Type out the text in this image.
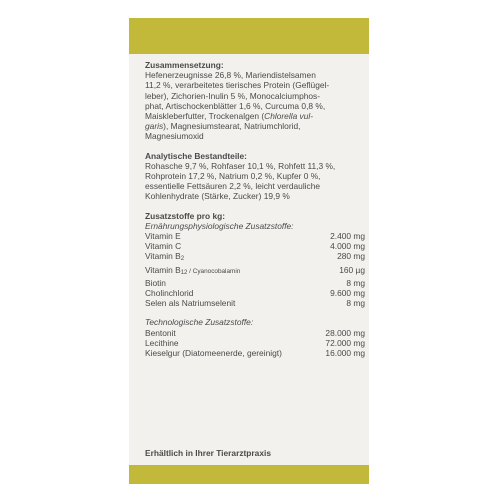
Zusammensetzung:
Hefenerzeugnisse 26,8 %, Mariendistelsamen
11,2 %, verarbeitetes tierisches Protein (Geflügel-
leber), Zichorien-Inulin 5 %, Monocalciumphos-
phat, Artischockenblätter 1,6 %, Curcuma 0,8 %,
Maiskleberfutter, Trockenalgen (Chlorella vul-
garis), Magnesiumstearat, Natriumchlorid,
Magnesiumoxid
Analytische Bestandteile:
Rohasche 9,7 %, Rohfaser 10,1 %, Rohfett 11,3 %,
Rohprotein 17,2 %, Natrium 0,2 %, Kupfer 0 %,
essentielle Fettsäuren 2,2 %, leicht verdauliche
Kohlenhydrate (Stärke, Zucker) 19,9 %
Zusatzstoffe pro kg:
Ernährungsphysiologische Zusatzstoffe:
Vitamin E	2.400 mg
Vitamin C	4.000 mg
Vitamin B2	280 mg
Vitamin B12 / Cyanocobalamin	160 µg
Biotin	8 mg
Cholinchlorid	9.600 mg
Selen als Natriumselenit	8 mg
Technologische Zusatzstoffe:
Bentonit	28.000 mg
Lecithine	72.000 mg
Kieselgur (Diatomeenerde, gereinigt)	16.000 mg
Erhältlich in Ihrer Tierarztpraxis
